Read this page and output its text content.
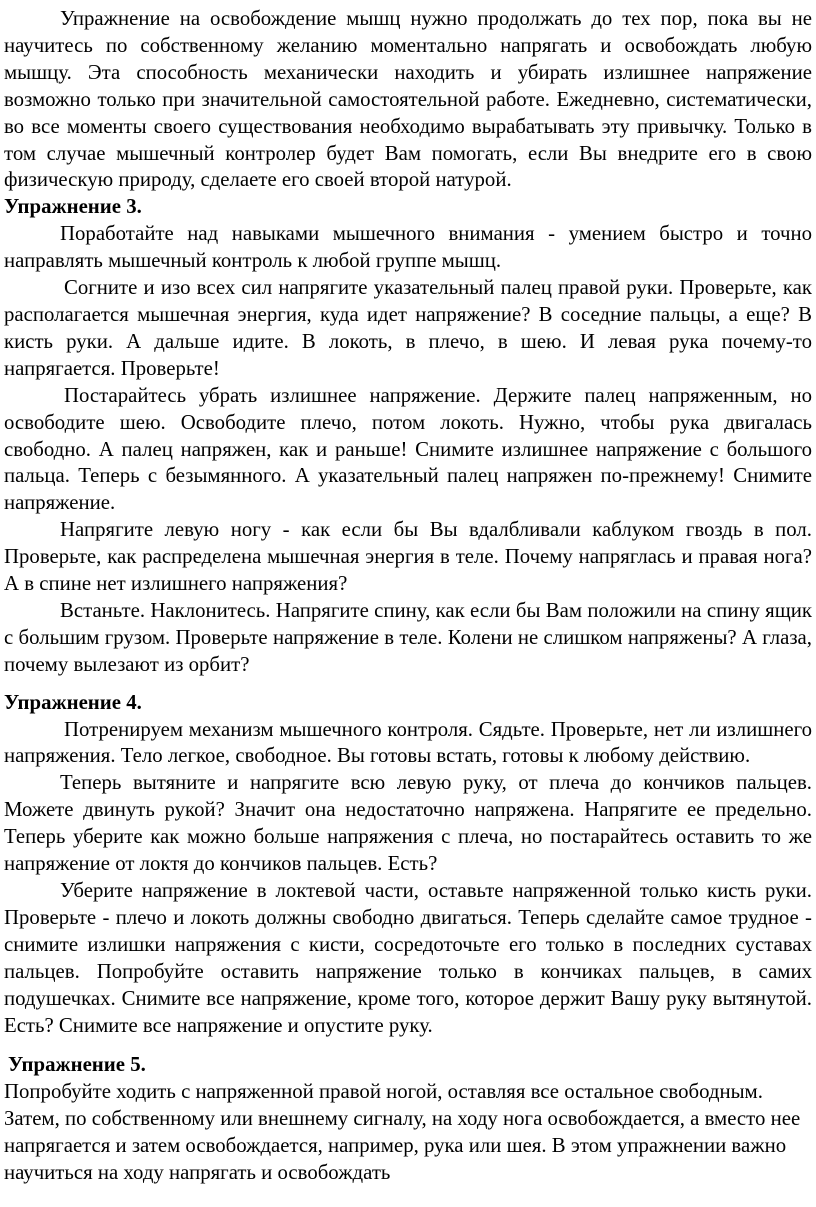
Упражнение на освобождение мышц нужно продолжать до тех пор, пока вы не научитесь по собственному желанию моментально напрягать и освобождать любую мышцу. Эта способность механически находить и убирать излишнее напряжение возможно только при значительной самостоятельной работе. Ежедневно, систематически, во все моменты своего существования необходимо вырабатывать эту привычку. Только в том случае мышечный контролер будет Вам помогать, если Вы внедрите его в свою физическую природу, сделаете его своей второй натурой.

Упражнение 3.

Поработайте над навыками мышечного внимания - умением быстро и точно направлять мышечный контроль к любой группе мышц.

Согните и изо всех сил напрягите указательный палец правой руки. Проверьте, как располагается мышечная энергия, куда идет напряжение? В соседние пальцы, а еще? В кисть руки. А дальше идите. В локоть, в плечо, в шею. И левая рука почему-то напрягается. Проверьте!

Постарайтесь убрать излишнее напряжение. Держите палец напряженным, но освободите шею. Освободите плечо, потом локоть. Нужно, чтобы рука двигалась свободно. А палец напряжен, как и раньше! Снимите излишнее напряжение с большого пальца. Теперь с безымянного. А указательный палец напряжен по-прежнему! Снимите напряжение.

Напрягите левую ногу - как если бы Вы вдалбливали каблуком гвоздь в пол. Проверьте, как распределена мышечная энергия в теле. Почему напряглась и правая нога? А в спине нет излишнего напряжения?

Встаньте. Наклонитесь. Напрягите спину, как если бы Вам положили на спину ящик с большим грузом. Проверьте напряжение в теле. Колени не слишком напряжены? А глаза, почему вылезают из орбит?

Упражнение 4.

Потренируем механизм мышечного контроля. Сядьте. Проверьте, нет ли излишнего напряжения. Тело легкое, свободное. Вы готовы встать, готовы к любому действию.

Теперь вытяните и напрягите всю левую руку, от плеча до кончиков пальцев. Можете двинуть рукой? Значит она недостаточно напряжена. Напрягите ее предельно. Теперь уберите как можно больше напряжения с плеча, но постарайтесь оставить то же напряжение от локтя до кончиков пальцев. Есть?

Уберите напряжение в локтевой части, оставьте напряженной только кисть руки. Проверьте - плечо и локоть должны свободно двигаться. Теперь сделайте самое трудное - снимите излишки напряжения с кисти, сосредоточьте его только в последних суставах пальцев. Попробуйте оставить напряжение только в кончиках пальцев, в самих подушечках. Снимите все напряжение, кроме того, которое держит Вашу руку вытянутой. Есть? Снимите все напряжение и опустите руку.

Упражнение 5.

Попробуйте ходить с напряженной правой ногой, оставляя все остальное свободным. Затем, по собственному или внешнему сигналу, на ходу нога освобождается, а вместо нее напрягается и затем освобождается, например, рука или шея. В этом упражнении важно научиться на ходу напрягать и освобождать
